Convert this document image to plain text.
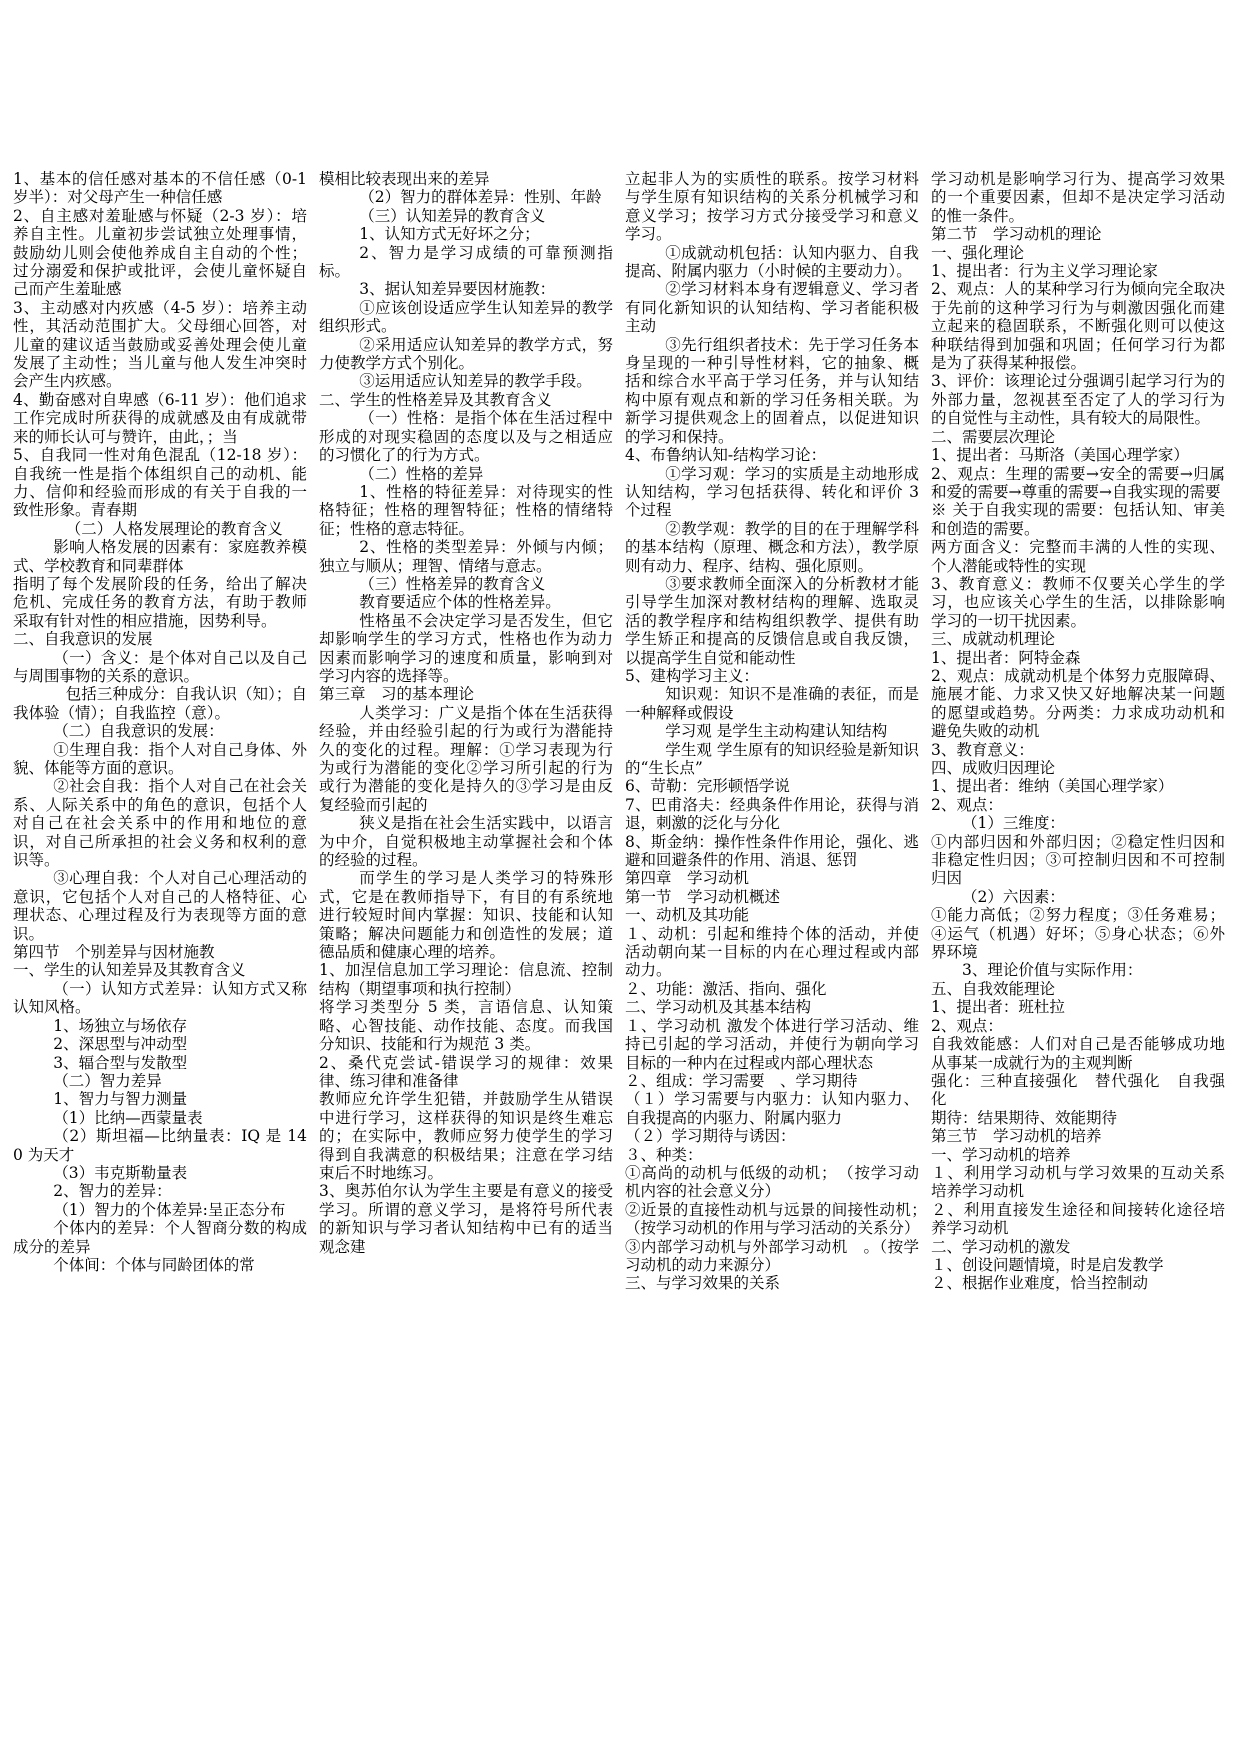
1、基本的信任感对基本的不信任感（0-1 岁半）：对父母产生一种信任感

2、自主感对羞耻感与怀疑（2-3 岁）：培养自主性。儿童初步尝试独立处理事情，鼓励幼儿则会使他养成自主自动的个性；过分溺爱和保护或批评，会使儿童怀疑自己而产生羞耻感

3、主动感对内疚感（4-5 岁）：培养主动性，其活动范围扩大。父母细心回答，对儿童的建议适当鼓励或妥善处理会使儿童发展了主动性；当儿童与他人发生冲突时会产生内疚感。

4、勤奋感对自卑感（6-11 岁）：他们追求工作完成时所获得的成就感及由有成就带来的师长认可与赞许，由此，；当

5、自我同一性对角色混乱（12-18 岁）：自我统一性是指个体组织自己的动机、能力、信仰和经验而形成的有关于自我的一致性形象。青春期

（二）人格发展理论的教育含义

影响人格发展的因素有：家庭教养模式、学校教育和同辈群体

指明了每个发展阶段的任务，给出了解决危机、完成任务的教育方法，有助于教师采取有针对性的相应措施，因势利导。

二、自我意识的发展

（一）含义：是个体对自己以及自己与周围事物的关系的意识。

包括三种成分：自我认识（知）；自我体验（情）；自我监控（意）。

（二）自我意识的发展：

①生理自我：指个人对自己身体、外貌、体能等方面的意识。

②社会自我：指个人对自己在社会关系、人际关系中的角色的意识，包括个人对自己在社会关系中的作用和地位的意识，对自己所承担的社会义务和权利的意识等。

③心理自我：个人对自己心理活动的意识，它包括个人对自己的人格特征、心理状态、心理过程及行为表现等方面的意识。

第四节　个别差异与因材施教

一、学生的认知差异及其教育含义

（一）认知方式差异：认知方式又称认知风格。

1、场独立与场依存

2、深思型与冲动型

3、辐合型与发散型

（二）智力差异

1、智力与智力测量

（1）比纳—西蒙量表

（2）斯坦福—比纳量表：IQ 是 140 为天才

（3）韦克斯勒量表

2、智力的差异：

（1）智力的个体差异:呈正态分布

个体内的差异：个人智商分数的构成成分的差异

个体间：个体与同龄团体的常

模相比较表现出来的差异

（2）智力的群体差异：性别、年龄

（三）认知差异的教育含义

1、认知方式无好坏之分；

2、智力是学习成绩的可靠预测指标。

3、据认知差异要因材施教：

①应该创设适应学生认知差异的教学组织形式。

②采用适应认知差异的教学方式，努力使教学方式个别化。

③运用适应认知差异的教学手段。

二、学生的性格差异及其教育含义

（一）性格：是指个体在生活过程中形成的对现实稳固的态度以及与之相适应的习惯化了的行为方式。

（二）性格的差异

1、性格的特征差异：对待现实的性格特征；性格的理智特征；性格的情绪特征；性格的意志特征。

2、性格的类型差异：外倾与内倾；独立与顺从；理智、情绪与意志。

（三）性格差异的教育含义

教育要适应个体的性格差异。

性格虽不会决定学习是否发生，但它却影响学生的学习方式，性格也作为动力因素而影响学习的速度和质量，影响到对学习内容的选择等。

第三章　习的基本理论

人类学习：广义是指个体在生活获得经验，并由经验引起的行为或行为潜能持久的变化的过程。理解：①学习表现为行为或行为潜能的变化②学习所引起的行为或行为潜能的变化是持久的③学习是由反复经验而引起的

狭义是指在社会生活实践中，以语言为中介，自觉积极地主动掌握社会和个体的经验的过程。

而学生的学习是人类学习的特殊形式，它是在教师指导下，有目的有系统地进行较短时间内掌握：知识、技能和认知策略；解决问题能力和创造性的发展；道德品质和健康心理的培养。

1、加涅信息加工学习理论：信息流、控制结构（期望事项和执行控制）

将学习类型分 5 类，言语信息、认知策略、心智技能、动作技能、态度。而我国分知识、技能和行为规范 3 类。

2、桑代克尝试-错误学习的规律：效果律、练习律和准备律

教师应允许学生犯错，并鼓励学生从错误中进行学习，这样获得的知识是终生难忘的；在实际中，教师应努力使学生的学习得到自我满意的积极结果；注意在学习结束后不时地练习。

3、奥苏伯尔认为学生主要是有意义的接受学习。所谓的意义学习，是将符号所代表的新知识与学习者认知结构中已有的适当观念建

立起非人为的实质性的联系。按学习材料与学生原有知识结构的关系分机械学习和意义学习；按学习方式分接受学习和意义学习。

①成就动机包括：认知内驱力、自我提高、附属内驱力（小时候的主要动力）。

②学习材料本身有逻辑意义、学习者有同化新知识的认知结构、学习者能积极主动

③先行组织者技术：先于学习任务本身呈现的一种引导性材料，它的抽象、概括和综合水平高于学习任务，并与认知结构中原有观点和新的学习任务相关联。为新学习提供观念上的固着点，以促进知识的学习和保持。

4、布鲁纳认知-结构学习论：

①学习观：学习的实质是主动地形成认知结构，学习包括获得、转化和评价 3 个过程

②教学观：教学的目的在于理解学科的基本结构（原理、概念和方法），教学原则有动力、程序、结构、强化原则。

③要求教师全面深入的分析教材才能引导学生加深对教材结构的理解、选取灵活的教学程序和结构组织教学、提供有助学生矫正和提高的反馈信息或自我反馈，以提高学生自觉和能动性

5、建构学习主义：

知识观：知识不是准确的表征，而是一种解释或假设

学习观 是学生主动构建认知结构

学生观 学生原有的知识经验是新知识的“生长点”

6、苛勒：完形顿悟学说

7、巴甫洛夫：经典条件作用论，获得与消退，刺激的泛化与分化

8、斯金纳：操作性条件作用论，强化、逃避和回避条件的作用、消退、惩罚

第四章　学习动机

第一节　学习动机概述

一、动机及其功能

１、动机：引起和维持个体的活动，并使活动朝向某一目标的内在心理过程或内部动力。

２、功能：激活、指向、强化

二、学习动机及其基本结构

１、学习动机 激发个体进行学习活动、维持已引起的学习活动，并使行为朝向学习目标的一种内在过程或内部心理状态

２、组成：学习需要　、学习期待

（１）学习需要与内驱力：认知内驱力、自我提高的内驱力、附属内驱力

（２）学习期待与诱因：

３、种类：

①高尚的动机与低级的动机；　（按学习动机内容的社会意义分）

②近景的直接性动机与远景的间接性动机；　（按学习动机的作用与学习活动的关系分）

③内部学习动机与外部学习动机　。（按学习动机的动力来源分）

三、与学习效果的关系

学习动机是影响学习行为、提高学习效果的一个重要因素，但却不是决定学习活动的惟一条件。

第二节　学习动机的理论

一、强化理论

1、提出者：行为主义学习理论家

2、观点：人的某种学习行为倾向完全取决于先前的这种学习行为与刺激因强化而建立起来的稳固联系，不断强化则可以使这种联结得到加强和巩固；任何学习行为都是为了获得某种报偿。

3、评价：该理论过分强调引起学习行为的外部力量，忽视甚至否定了人的学习行为的自觉性与主动性，具有较大的局限性。

二、需要层次理论

1、提出者：马斯洛（美国心理学家）

2、观点：生理的需要→安全的需要→归属和爱的需要→尊重的需要→自我实现的需要

※ 关于自我实现的需要：包括认知、审美和创造的需要。

两方面含义：完整而丰满的人性的实现、个人潜能或特性的实现

3、教育意义：教师不仅要关心学生的学习，也应该关心学生的生活，以排除影响学习的一切干扰因素。

三、成就动机理论

1、提出者：阿特金森

2、观点：成就动机是个体努力克服障碍、施展才能、力求又快又好地解决某一问题的愿望或趋势。分两类：力求成功动机和避免失败的动机

3、教育意义：

四、成败归因理论

1、提出者：维纳（美国心理学家）

2、观点：

（1）三维度：

①内部归因和外部归因；②稳定性归因和非稳定性归因；③可控制归因和不可控制归因

（2）六因素：

①能力高低；②努力程度；③任务难易；④运气（机遇）好坏；⑤身心状态；⑥外界环境

3、理论价值与实际作用：

五、自我效能理论

1、提出者：班杜拉

2、观点：

自我效能感：人们对自己是否能够成功地从事某一成就行为的主观判断

强化：三种直接强化　替代强化　自我强化

期待：结果期待、效能期待

第三节　学习动机的培养

一、学习动机的培养

１、利用学习动机与学习效果的互动关系培养学习动机

２、利用直接发生途径和间接转化途径培养学习动机

二、学习动机的激发

１、创设问题情境，时是启发教学

２、根据作业难度，恰当控制动
